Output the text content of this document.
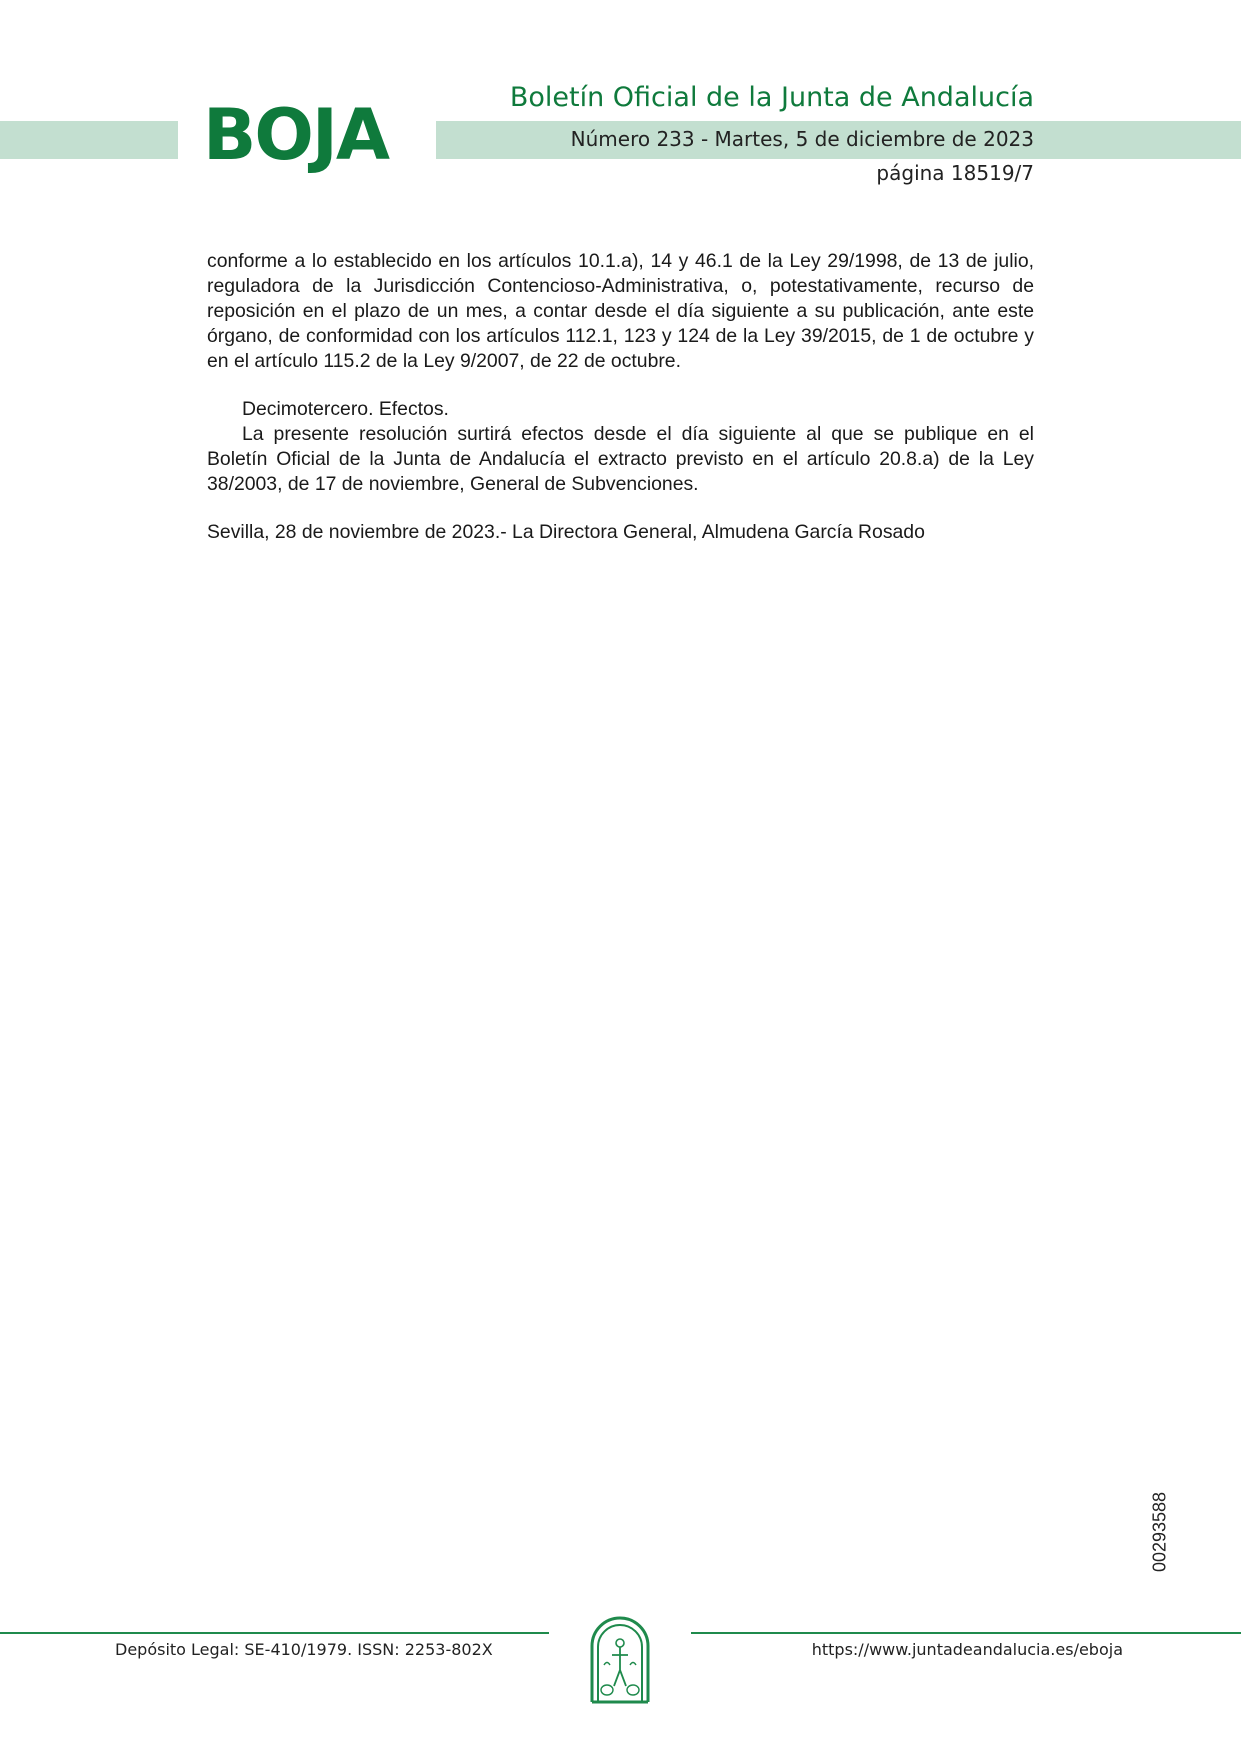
BOJA	Boletín Oficial de la Junta de Andalucía
Número 233 - Martes, 5 de diciembre de 2023
página 18519/7

conforme a lo establecido en los artículos 10.1.a), 14 y 46.1 de la Ley 29/1998, de 13 de julio, reguladora de la Jurisdicción Contencioso-Administrativa, o, potestativamente, recurso de reposición en el plazo de un mes, a contar desde el día siguiente a su publicación, ante este órgano, de conformidad con los artículos 112.1, 123 y 124 de la Ley 39/2015, de 1 de octubre y en el artículo 115.2 de la Ley 9/2007, de 22 de octubre.

Decimotercero. Efectos.

La presente resolución surtirá efectos desde el día siguiente al que se publique en el Boletín Oficial de la Junta de Andalucía el extracto previsto en el artículo 20.8.a) de la Ley 38/2003, de 17 de noviembre, General de Subvenciones.

Sevilla, 28 de noviembre de 2023.- La Directora General, Almudena García Rosado

00293588
Depósito Legal: SE-410/1979. ISSN: 2253-802X	https://www.juntadeandalucia.es/eboja
